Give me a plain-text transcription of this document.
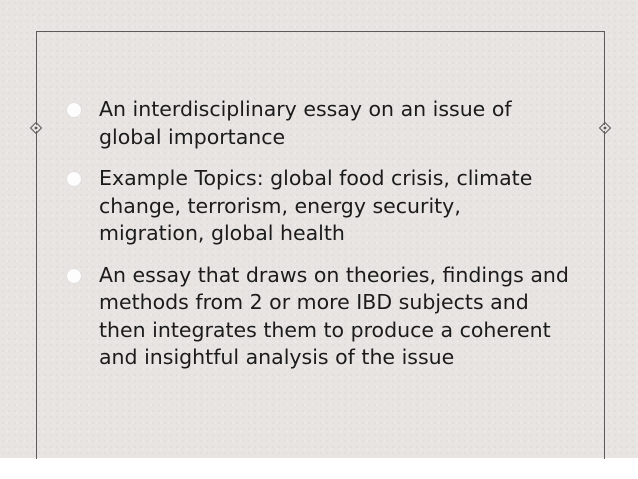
An interdisciplinary essay on an issue of global importance
Example Topics: global food crisis, climate change, terrorism, energy security, migration, global health
An essay that draws on theories, findings and methods from 2 or more IBD subjects and then integrates them to produce a coherent and insightful analysis of the issue
